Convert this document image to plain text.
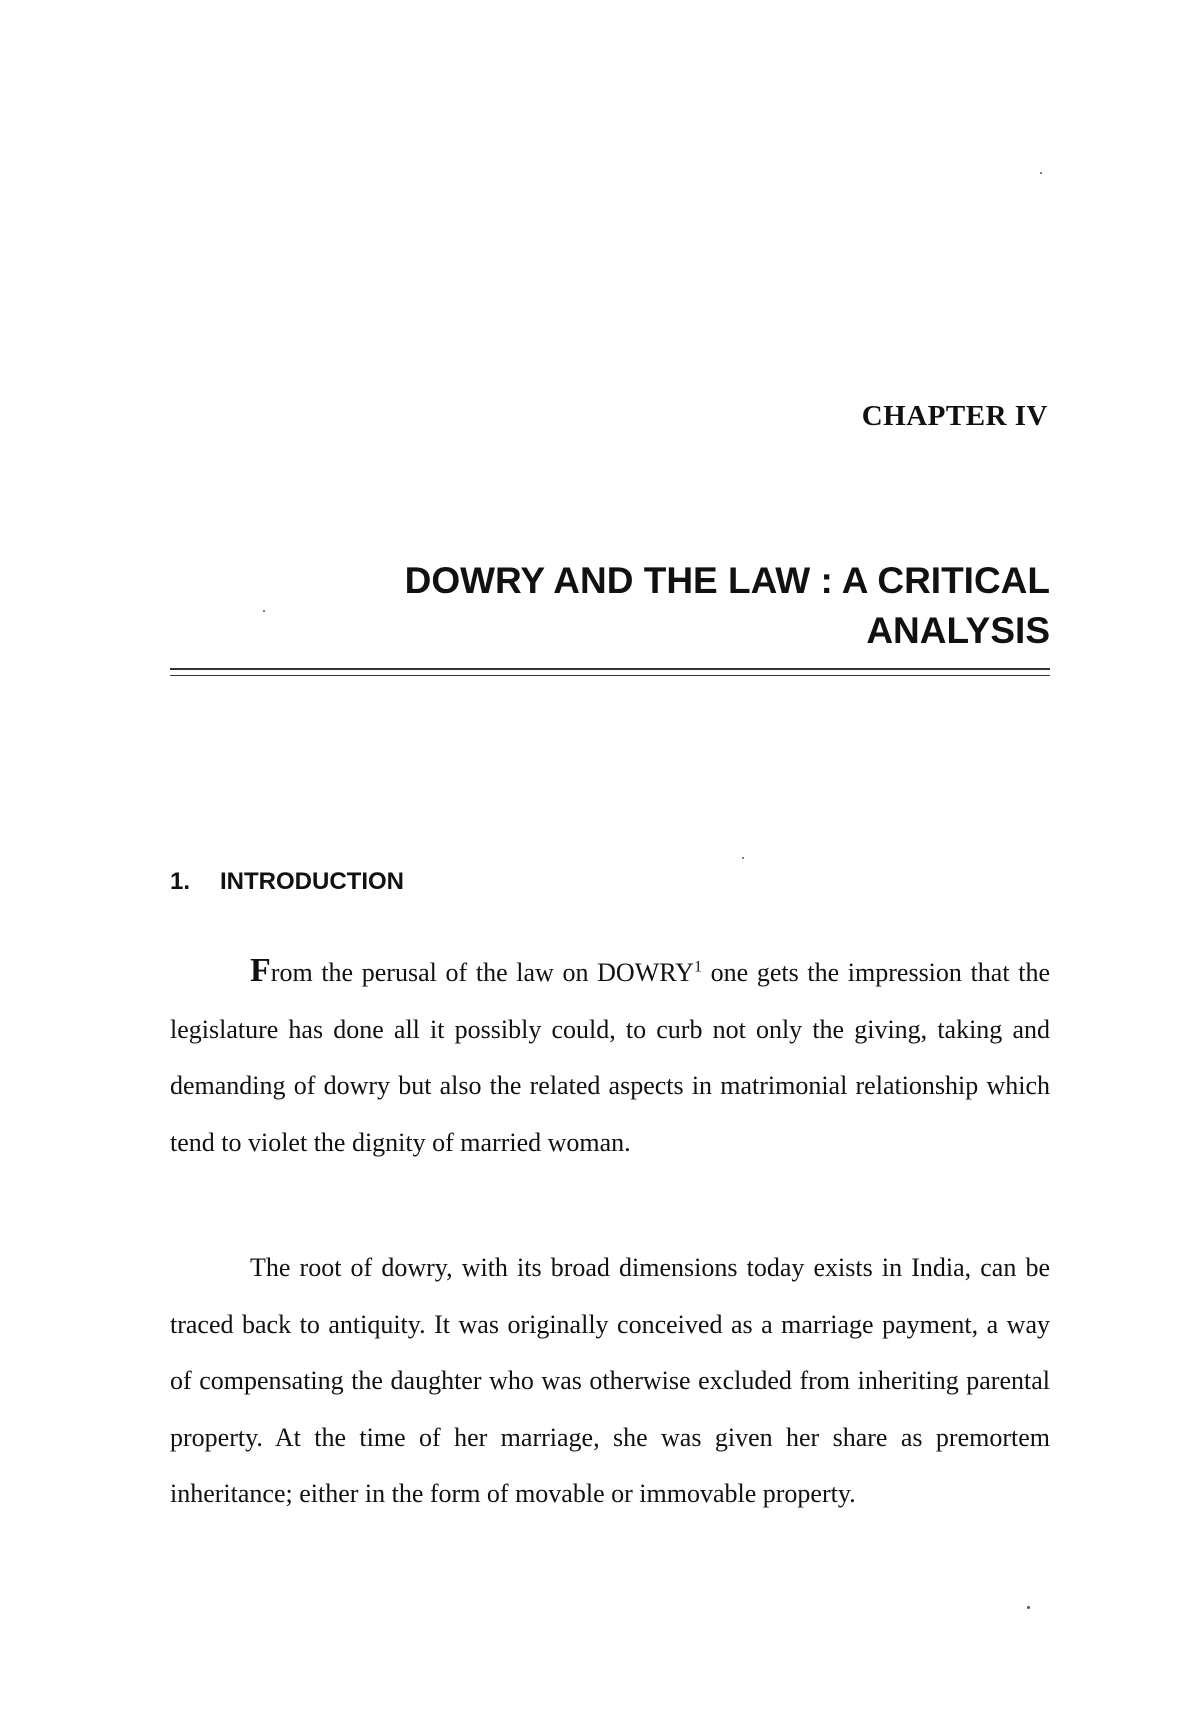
CHAPTER IV
DOWRY AND THE LAW : A CRITICAL
ANALYSIS
1. INTRODUCTION

From the perusal of the law on DOWRY$^1$ one gets the impression that the legislature has done all it possibly could, to curb not only the giving, taking and demanding of dowry but also the related aspects in matrimonial relationship which tend to violet the dignity of married woman.

The root of dowry, with its broad dimensions today exists in India, can be traced back to antiquity. It was originally conceived as a marriage payment, a way of compensating the daughter who was otherwise excluded from inheriting parental property. At the time of her marriage, she was given her share as premortem inheritance; either in the form of movable or immovable property.
